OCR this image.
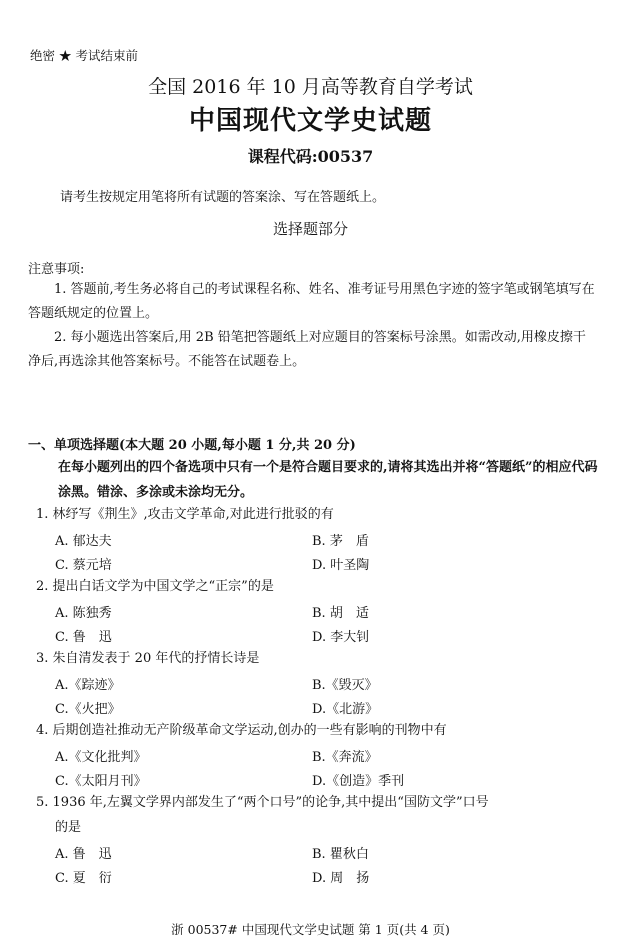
绝密 ★ 考试结束前
全国 2016 年 10 月高等教育自学考试
中国现代文学史试题
课程代码:00537
请考生按规定用笔将所有试题的答案涂、写在答题纸上。
选择题部分
注意事项:
1. 答题前,考生务必将自己的考试课程名称、姓名、准考证号用黑色字迹的签字笔或钢笔填写在答题纸规定的位置上。
2. 每小题选出答案后,用 2B 铅笔把答题纸上对应题目的答案标号涂黑。如需改动,用橡皮擦干净后,再选涂其他答案标号。不能答在试题卷上。
一、单项选择题(本大题 20 小题,每小题 1 分,共 20 分)
在每小题列出的四个备选项中只有一个是符合题目要求的,请将其选出并将“答题纸”的相应代码涂黑。错涂、多涂或未涂均无分。
1. 林纾写《荆生》,攻击文学革命,对此进行批驳的有
A. 郁达夫	B. 茅　盾
C. 蔡元培	D. 叶圣陶
2. 提出白话文学为中国文学之“正宗”的是
A. 陈独秀	B. 胡　适
C. 鲁　迅	D. 李大钊
3. 朱自清发表于 20 年代的抒情长诗是
A.《踪迹》	B.《毁灭》
C.《火把》	D.《北游》
4. 后期创造社推动无产阶级革命文学运动,创办的一些有影响的刊物中有
A.《文化批判》	B.《奔流》
C.《太阳月刊》	D.《创造》季刊
5. 1936 年,左翼文学界内部发生了“两个口号”的论争,其中提出“国防文学”口号
的是
A. 鲁　迅	B. 瞿秋白
C. 夏　衍	D. 周　扬
浙 00537# 中国现代文学史试题 第 1 页(共 4 页)
